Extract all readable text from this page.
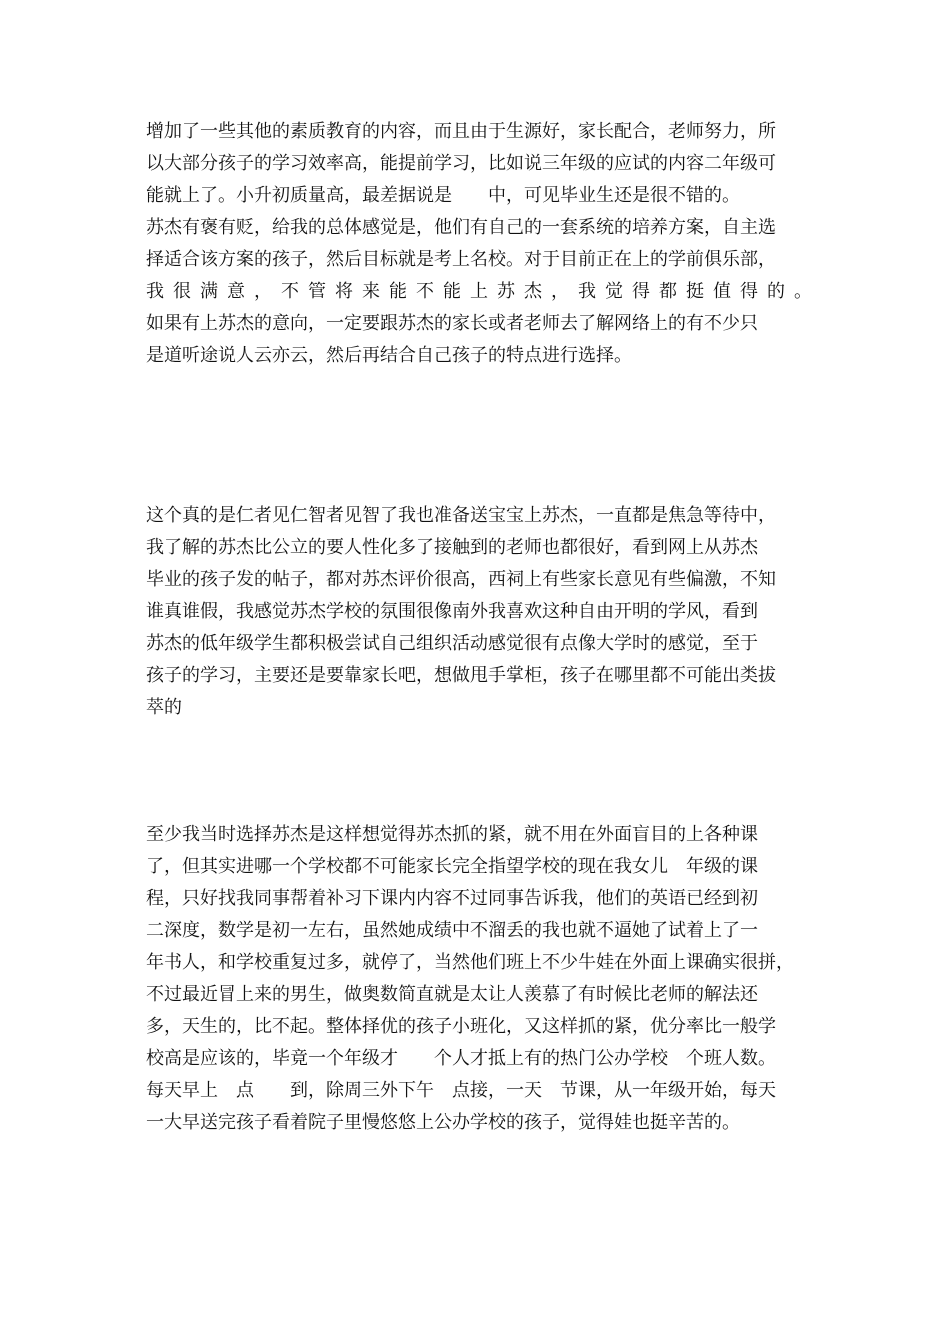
增加了一些其他的素质教育的内容，而且由于生源好，家长配合，老师努力，所
以大部分孩子的学习效率高，能提前学习，比如说三年级的应试的内容二年级可
能就上了。小升初质量高，最差据说是　　中，可见毕业生还是很不错的。
苏杰有褒有贬，给我的总体感觉是，他们有自己的一套系统的培养方案，自主选
择适合该方案的孩子，然后目标就是考上名校。对于目前正在上的学前俱乐部，
我很满意，不管将来能不能上苏杰，我觉得都挺值得的。
如果有上苏杰的意向，一定要跟苏杰的家长或者老师去了解网络上的有不少只
是道听途说人云亦云，然后再结合自己孩子的特点进行选择。
这个真的是仁者见仁智者见智了我也准备送宝宝上苏杰，一直都是焦急等待中，
我了解的苏杰比公立的要人性化多了接触到的老师也都很好，看到网上从苏杰
毕业的孩子发的帖子，都对苏杰评价很高，西祠上有些家长意见有些偏激，不知
谁真谁假，我感觉苏杰学校的氛围很像南外我喜欢这种自由开明的学风，看到
苏杰的低年级学生都积极尝试自己组织活动感觉很有点像大学时的感觉，至于
孩子的学习，主要还是要靠家长吧，想做甩手掌柜，孩子在哪里都不可能出类拔
萃的
至少我当时选择苏杰是这样想觉得苏杰抓的紧，就不用在外面盲目的上各种课
了，但其实进哪一个学校都不可能家长完全指望学校的现在我女儿　年级的课
程，只好找我同事帮着补习下课内内容不过同事告诉我，他们的英语已经到初
二深度，数学是初一左右，虽然她成绩中不溜丢的我也就不逼她了试着上了一
年书人，和学校重复过多，就停了，当然他们班上不少牛娃在外面上课确实很拼，
不过最近冒上来的男生，做奥数简直就是太让人羡慕了有时候比老师的解法还
多，天生的，比不起。整体择优的孩子小班化，又这样抓的紧，优分率比一般学
校高是应该的，毕竟一个年级才　　个人才抵上有的热门公办学校　个班人数。
每天早上　点　　到，除周三外下午　点接，一天　节课，从一年级开始，每天
一大早送完孩子看着院子里慢悠悠上公办学校的孩子，觉得娃也挺辛苦的。
